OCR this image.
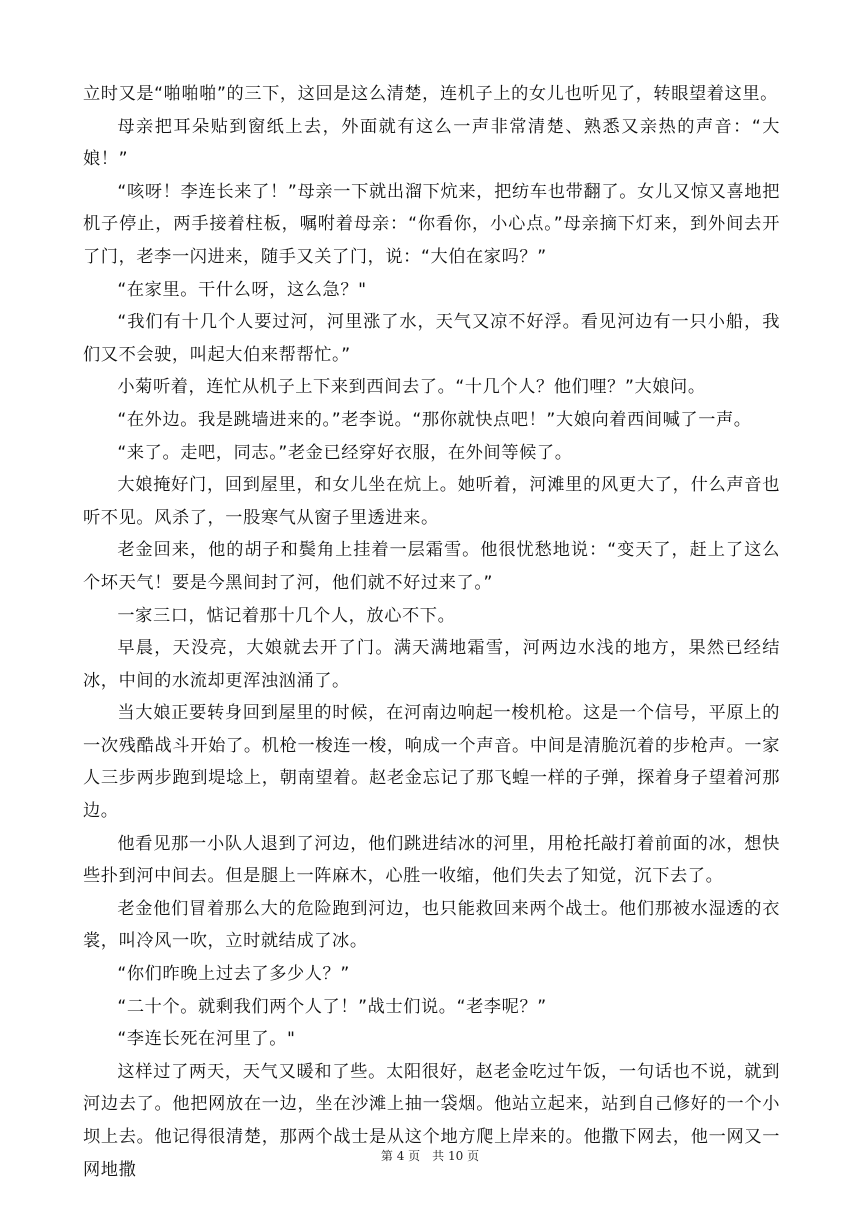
立时又是“啪啪啪”的三下，这回是这么清楚，连机子上的女儿也听见了，转眼望着这里。

母亲把耳朵贴到窗纸上去，外面就有这么一声非常清楚、熟悉又亲热的声音：“大娘！”

“咳呀！李连长来了！”母亲一下就出溜下炕来，把纺车也带翻了。女儿又惊又喜地把机子停止，两手接着柱板，嘱咐着母亲：“你看你，小心点。”母亲摘下灯来，到外间去开了门，老李一闪进来，随手又关了门，说：“大伯在家吗？”

“在家里。干什么呀，这么急？"

“我们有十几个人要过河，河里涨了水，天气又凉不好浮。看见河边有一只小船，我们又不会驶，叫起大伯来帮帮忙。”

小菊听着，连忙从机子上下来到西间去了。“十几个人？他们哩？”大娘问。

“在外边。我是跳墙进来的。”老李说。“那你就快点吧！”大娘向着西间喊了一声。

“来了。走吧，同志。”老金已经穿好衣服，在外间等候了。

大娘掩好门，回到屋里，和女儿坐在炕上。她听着，河滩里的风更大了，什么声音也听不见。风杀了，一股寒气从窗子里透进来。

老金回来，他的胡子和鬓角上挂着一层霜雪。他很忧愁地说：“变天了，赶上了这么个坏天气！要是今黑间封了河，他们就不好过来了。”

一家三口，惦记着那十几个人，放心不下。

早晨，天没亮，大娘就去开了门。满天满地霜雪，河两边水浅的地方，果然已经结冰，中间的水流却更浑浊汹涌了。

当大娘正要转身回到屋里的时候，在河南边响起一梭机枪。这是一个信号，平原上的一次残酷战斗开始了。机枪一梭连一梭，响成一个声音。中间是清脆沉着的步枪声。一家人三步两步跑到堤埝上，朝南望着。赵老金忘记了那飞蝗一样的子弹，探着身子望着河那边。

他看见那一小队人退到了河边，他们跳进结冰的河里，用枪托敲打着前面的冰，想快些扑到河中间去。但是腿上一阵麻木，心胜一收缩，他们失去了知觉，沉下去了。

老金他们冒着那么大的危险跑到河边，也只能救回来两个战士。他们那被水湿透的衣裳，叫冷风一吹，立时就结成了冰。

“你们昨晚上过去了多少人？”

“二十个。就剩我们两个人了！”战士们说。“老李呢？”

“李连长死在河里了。"

这样过了两天，天气又暖和了些。太阳很好，赵老金吃过午饭，一句话也不说，就到河边去了。他把网放在一边，坐在沙滩上抽一袋烟。他站立起来，站到自己修好的一个小坝上去。他记得很清楚，那两个战士是从这个地方爬上岸来的。他撒下网去，他一网又一网地撒

第 4 页　共 10 页
